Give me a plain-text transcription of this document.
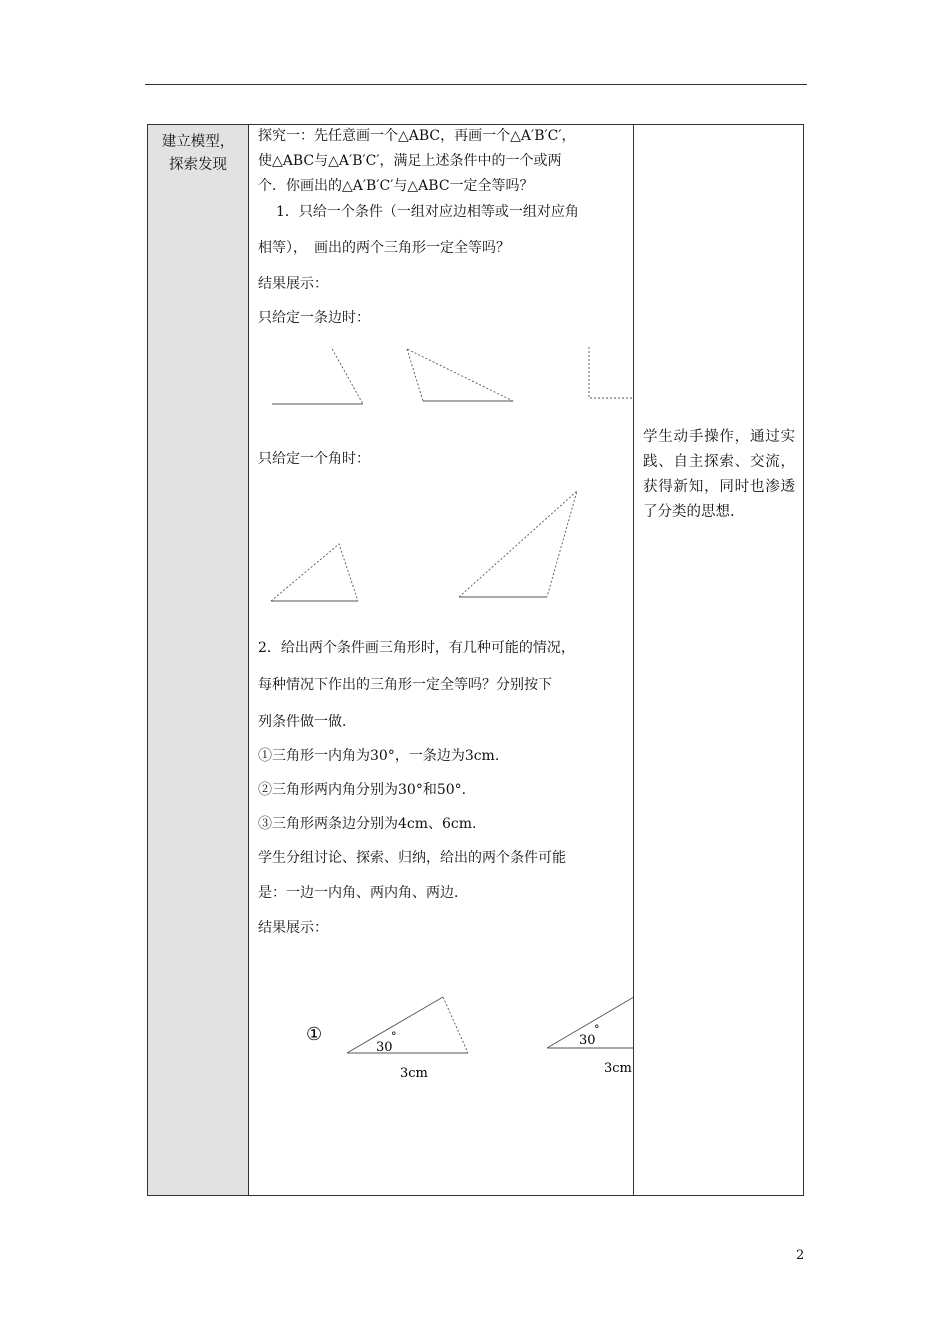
建立模型，
探索发现

探究一：先任意画一个△ABC，再画一个△A′B′C′，

使△ABC与△A′B′C′，满足上述条件中的一个或两

个．你画出的△A′B′C′与△ABC一定全等吗？

1．只给一个条件（一组对应边相等或一组对应角

相等），　画出的两个三角形一定全等吗？

结果展示：

只给定一条边时：

①
30
°
3cm
30
°
3cm

只给定一个角时：

2．给出两个条件画三角形时，有几种可能的情况，

每种情况下作出的三角形一定全等吗？分别按下

列条件做一做．

①三角形一内角为30°，一条边为3cm.

②三角形两内角分别为30°和50°.

③三角形两条边分别为4cm、6cm.

学生分组讨论、探索、归纳，给出的两个条件可能

是：一边一内角、两内角、两边．

结果展示：

学生动手操作，通过实践、自主探索、交流，获得新知，同时也渗透了分类的思想.
2
